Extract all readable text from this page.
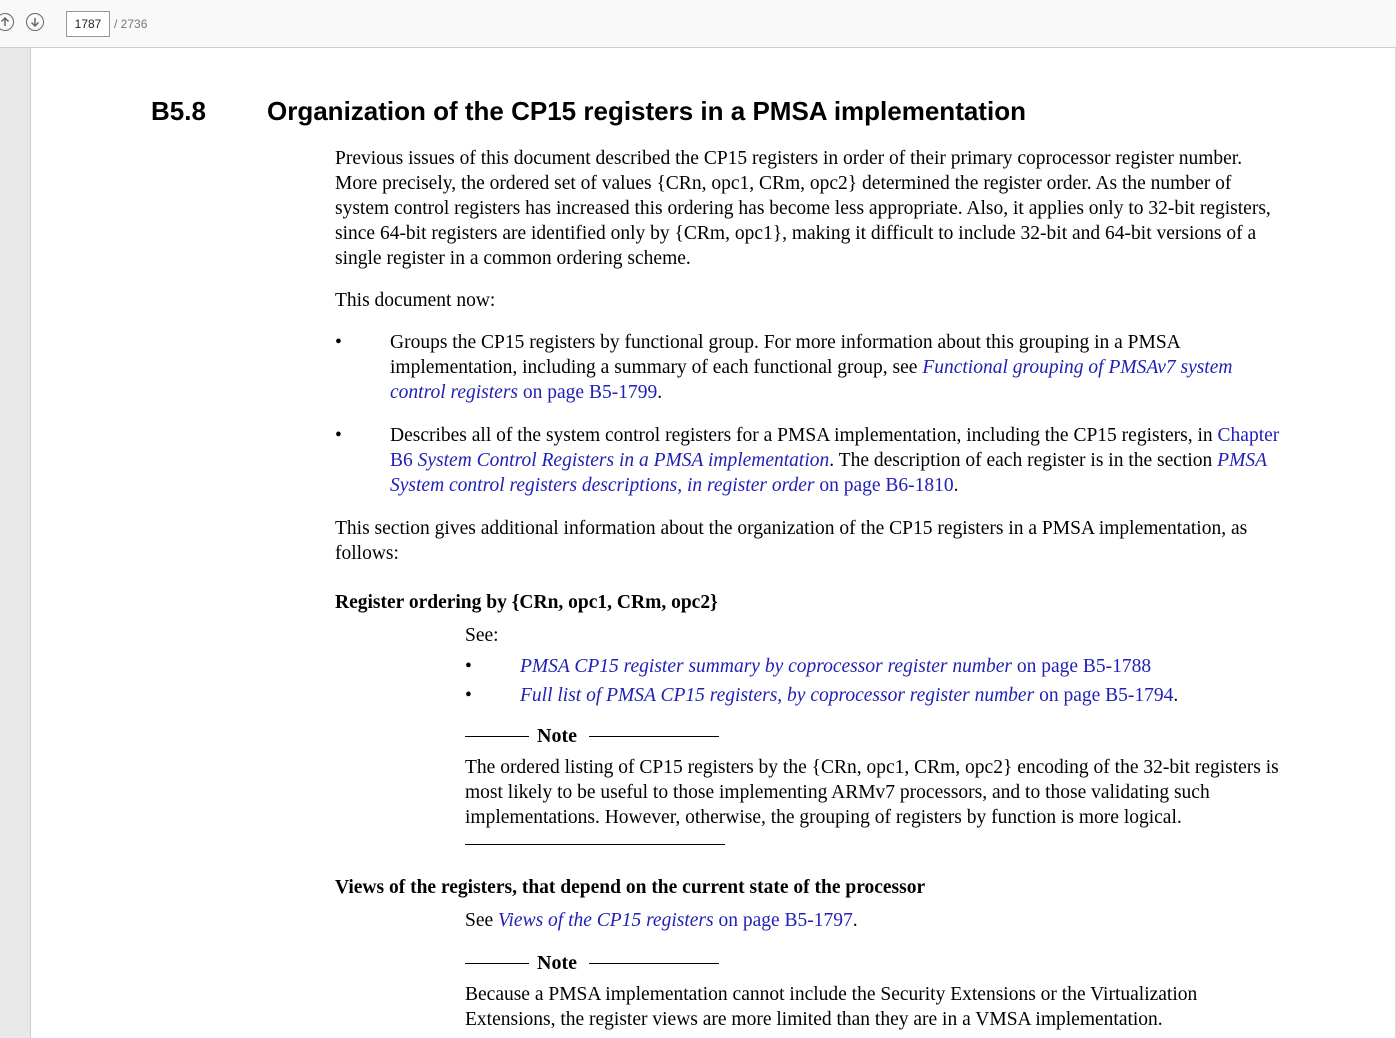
1787
/ 2736
B5.8 Organization of the CP15 registers in a PMSA implementation

Previous issues of this document described the CP15 registers in order of their primary coprocessor register number. More precisely, the ordered set of values {CRn, opc1, CRm, opc2} determined the register order. As the number of system control registers has increased this ordering has become less appropriate. Also, it applies only to 32-bit registers, since 64-bit registers are identified only by {CRm, opc1}, making it difficult to include 32-bit and 64-bit versions of a single register in a common ordering scheme.

This document now:

• Groups the CP15 registers by functional group. For more information about this grouping in a PMSA implementation, including a summary of each functional group, see Functional grouping of PMSAv7 system control registers on page B5-1799.
• Describes all of the system control registers for a PMSA implementation, including the CP15 registers, in Chapter B6 System Control Registers in a PMSA implementation. The description of each register is in the section PMSA System control registers descriptions, in register order on page B6-1810.

This section gives additional information about the organization of the CP15 registers in a PMSA implementation, as follows:

Register ordering by {CRn, opc1, CRm, opc2}
See:
• PMSA CP15 register summary by coprocessor register number on page B5-1788
• Full list of PMSA CP15 registers, by coprocessor register number on page B5-1794.
Note
The ordered listing of CP15 registers by the {CRn, opc1, CRm, opc2} encoding of the 32-bit registers is most likely to be useful to those implementing ARMv7 processors, and to those validating such implementations. However, otherwise, the grouping of registers by function is more logical.
Views of the registers, that depend on the current state of the processor
See Views of the CP15 registers on page B5-1797.
Note
Because a PMSA implementation cannot include the Security Extensions or the Virtualization Extensions, the register views are more limited than they are in a VMSA implementation.
